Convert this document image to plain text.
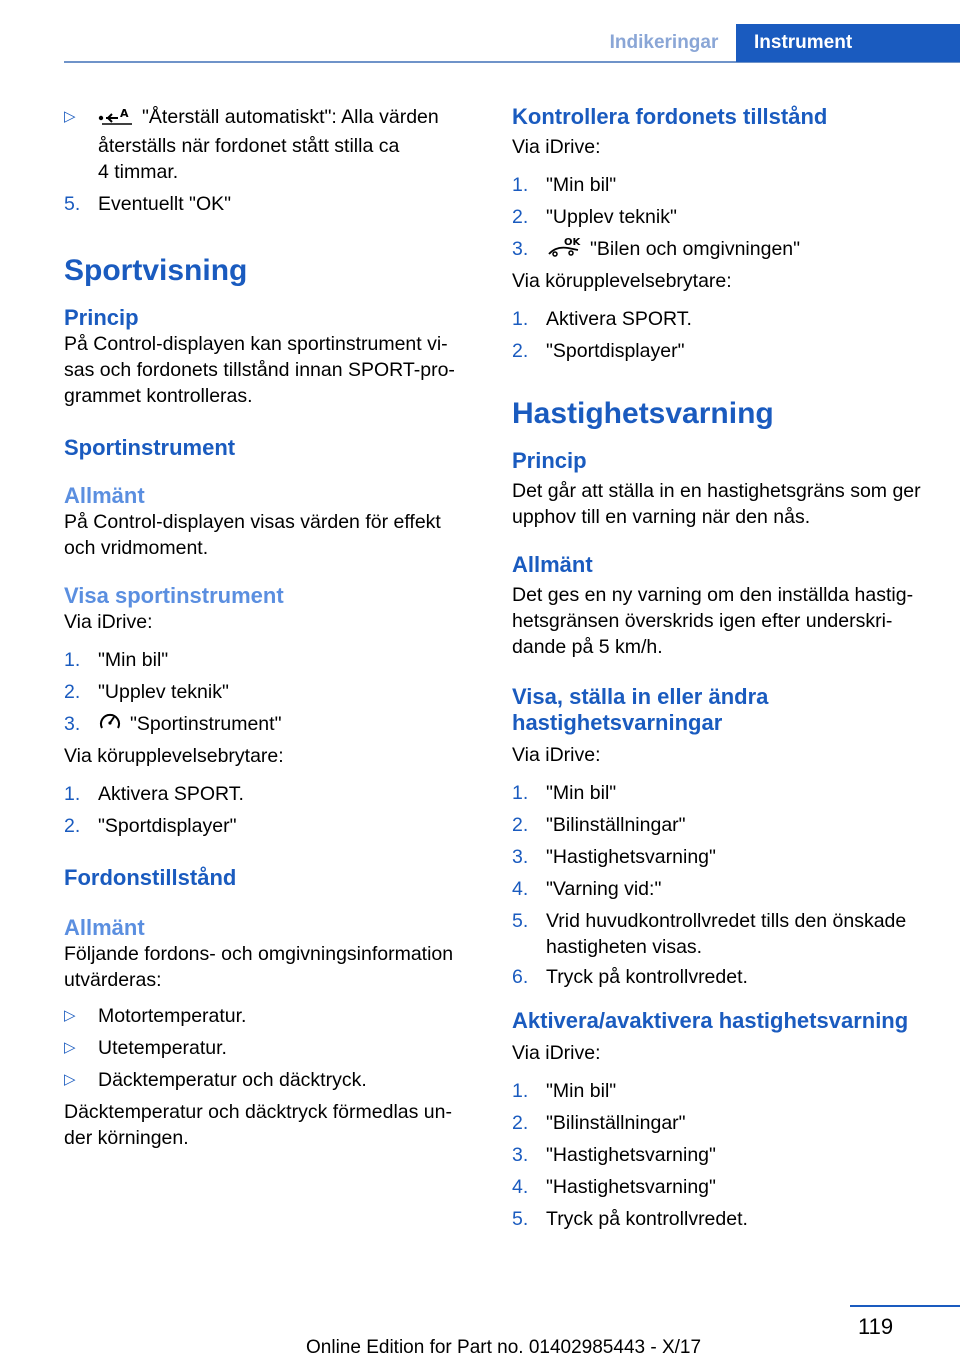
Indikeringar	Instrument
▷	A "Återställ automatiskt": Alla värden
återställs när fordonet stått stilla ca
4 timmar.
5. Eventuellt "OK"
Sportvisning
Princip
På Control-displayen kan sportinstrument vi-
sas och fordonets tillstånd innan SPORT-pro-
grammet kontrolleras.
Sportinstrument
Allmänt
På Control-displayen visas värden för effekt
och vridmoment.
Visa sportinstrument
Via iDrive:
1. "Min bil"
2. "Upplev teknik"
3.	"Sportinstrument"
Via körupplevelsebrytare:
1. Aktivera SPORT.
2. "Sportdisplayer"
Fordonstillstånd
Allmänt
Följande fordons- och omgivningsinformation
utvärderas:
▷ Motortemperatur.
▷ Utetemperatur.
▷ Däcktemperatur och däcktryck.
Däcktemperatur och däcktryck förmedlas un-
der körningen.
Kontrollera fordonets tillstånd
Via iDrive:
1. "Min bil"
2. "Upplev teknik"
3.	OK "Bilen och omgivningen"
Via körupplevelsebrytare:
1. Aktivera SPORT.
2. "Sportdisplayer"
Hastighetsvarning
Princip
Det går att ställa in en hastighetsgräns som ger
upphov till en varning när den nås.
Allmänt
Det ges en ny varning om den inställda hastig-
hetsgränsen överskrids igen efter underskri-
dande på 5 km/h.
Visa, ställa in eller ändra
hastighetsvarningar
Via iDrive:
1. "Min bil"
2. "Bilinställningar"
3. "Hastighetsvarning"
4. "Varning vid:"
5. Vrid huvudkontrollvredet tills den önskade
hastigheten visas.
6. Tryck på kontrollvredet.
Aktivera/avaktivera hastighetsvarning
Via iDrive:
1. "Min bil"
2. "Bilinställningar"
3. "Hastighetsvarning"
4. "Hastighetsvarning"
5. Tryck på kontrollvredet.
119
Online Edition for Part no. 01402985443 - X/17
